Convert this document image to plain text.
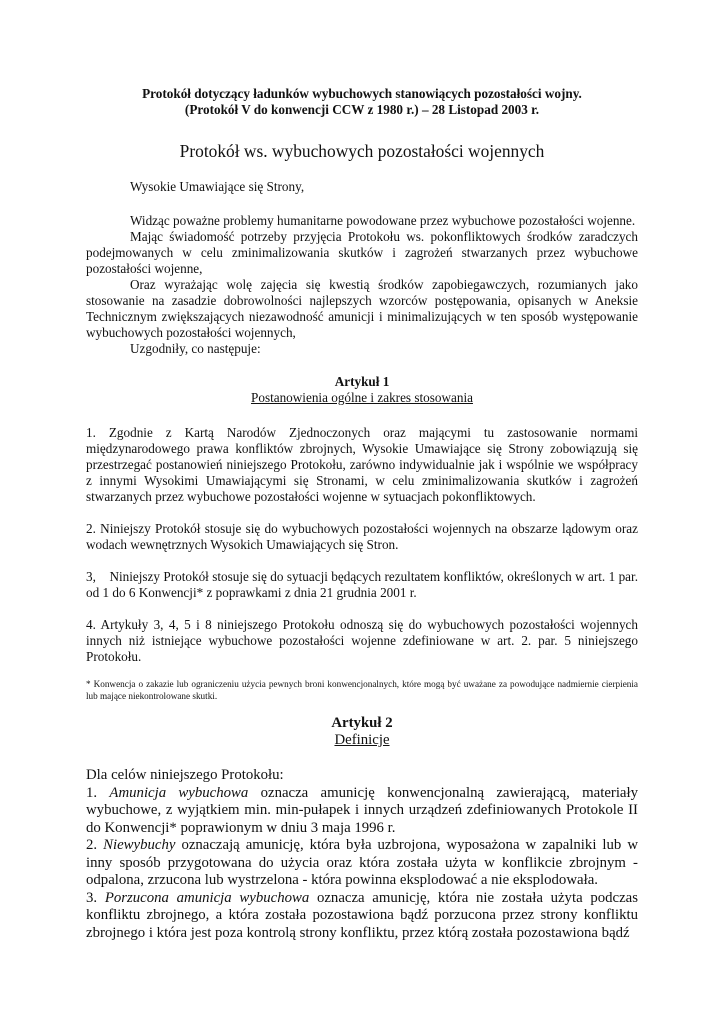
Protokół dotyczący ładunków wybuchowych stanowiących pozostałości wojny.
(Protokół V do konwencji CCW z 1980 r.) – 28 Listopad 2003 r.
Protokół ws. wybuchowych pozostałości wojennych
Wysokie Umawiające się Strony,

Widząc poważne problemy humanitarne powodowane przez wybuchowe pozostałości wojenne.

Mając świadomość potrzeby przyjęcia Protokołu ws. pokonfliktowych środków zaradczych podejmowanych w celu zminimalizowania skutków i zagrożeń stwarzanych przez wybuchowe pozostałości wojenne,

Oraz wyrażając wolę zajęcia się kwestią środków zapobiegawczych, rozumianych jako stosowanie na zasadzie dobrowolności najlepszych wzorców postępowania, opisanych w Aneksie Technicznym zwiększających niezawodność amunicji i minimalizujących w ten sposób występowanie wybuchowych pozostałości wojennych,

Uzgodniły, co następuje:

Artykuł 1
Postanowienia ogólne i zakres stosowania

1. Zgodnie z Kartą Narodów Zjednoczonych oraz mającymi tu zastosowanie normami międzynarodowego prawa konfliktów zbrojnych, Wysokie Umawiające się Strony zobowiązują się przestrzegać postanowień niniejszego Protokołu, zarówno indywidualnie jak i wspólnie we współpracy z innymi Wysokimi Umawiającymi się Stronami, w celu zminimalizowania skutków i zagrożeń stwarzanych przez wybuchowe pozostałości wojenne w sytuacjach pokonfliktowych.

2. Niniejszy Protokół stosuje się do wybuchowych pozostałości wojennych na obszarze lądowym oraz wodach wewnętrznych Wysokich Umawiających się Stron.

3,    Niniejszy Protokół stosuje się do sytuacji będących rezultatem konfliktów, określonych w art. 1 par. od 1 do 6 Konwencji* z poprawkami z dnia 21 grudnia 2001 r.

4. Artykuły 3, 4, 5 i 8 niniejszego Protokołu odnoszą się do wybuchowych pozostałości wojennych innych niż istniejące wybuchowe pozostałości wojenne zdefiniowane w art. 2. par. 5 niniejszego Protokołu.

* Konwencja o zakazie lub ograniczeniu użycia pewnych broni konwencjonalnych, które mogą być uważane za powodujące nadmiernie cierpienia lub mające niekontrolowane skutki.
Artykuł 2
Definicje

Dla celów niniejszego Protokołu:

1. Amunicja wybuchowa oznacza amunicję konwencjonalną zawierającą, materiały wybuchowe, z wyjątkiem min. min-pułapek i innych urządzeń zdefiniowanych Protokole II do Konwencji* poprawionym w dniu 3 maja 1996 r.

2. Niewybuchy oznaczają amunicję, która była uzbrojona, wyposażona w zapalniki lub w inny sposób przygotowana do użycia oraz która została użyta w konflikcie zbrojnym - odpalona, zrzucona lub wystrzelona - która powinna eksplodować a nie eksplodowała.

3. Porzucona amunicja wybuchowa oznacza amunicję, która nie została użyta podczas konfliktu zbrojnego, a która została pozostawiona bądź porzucona przez strony konfliktu zbrojnego i która jest poza kontrolą strony konfliktu, przez którą została pozostawiona bądź
